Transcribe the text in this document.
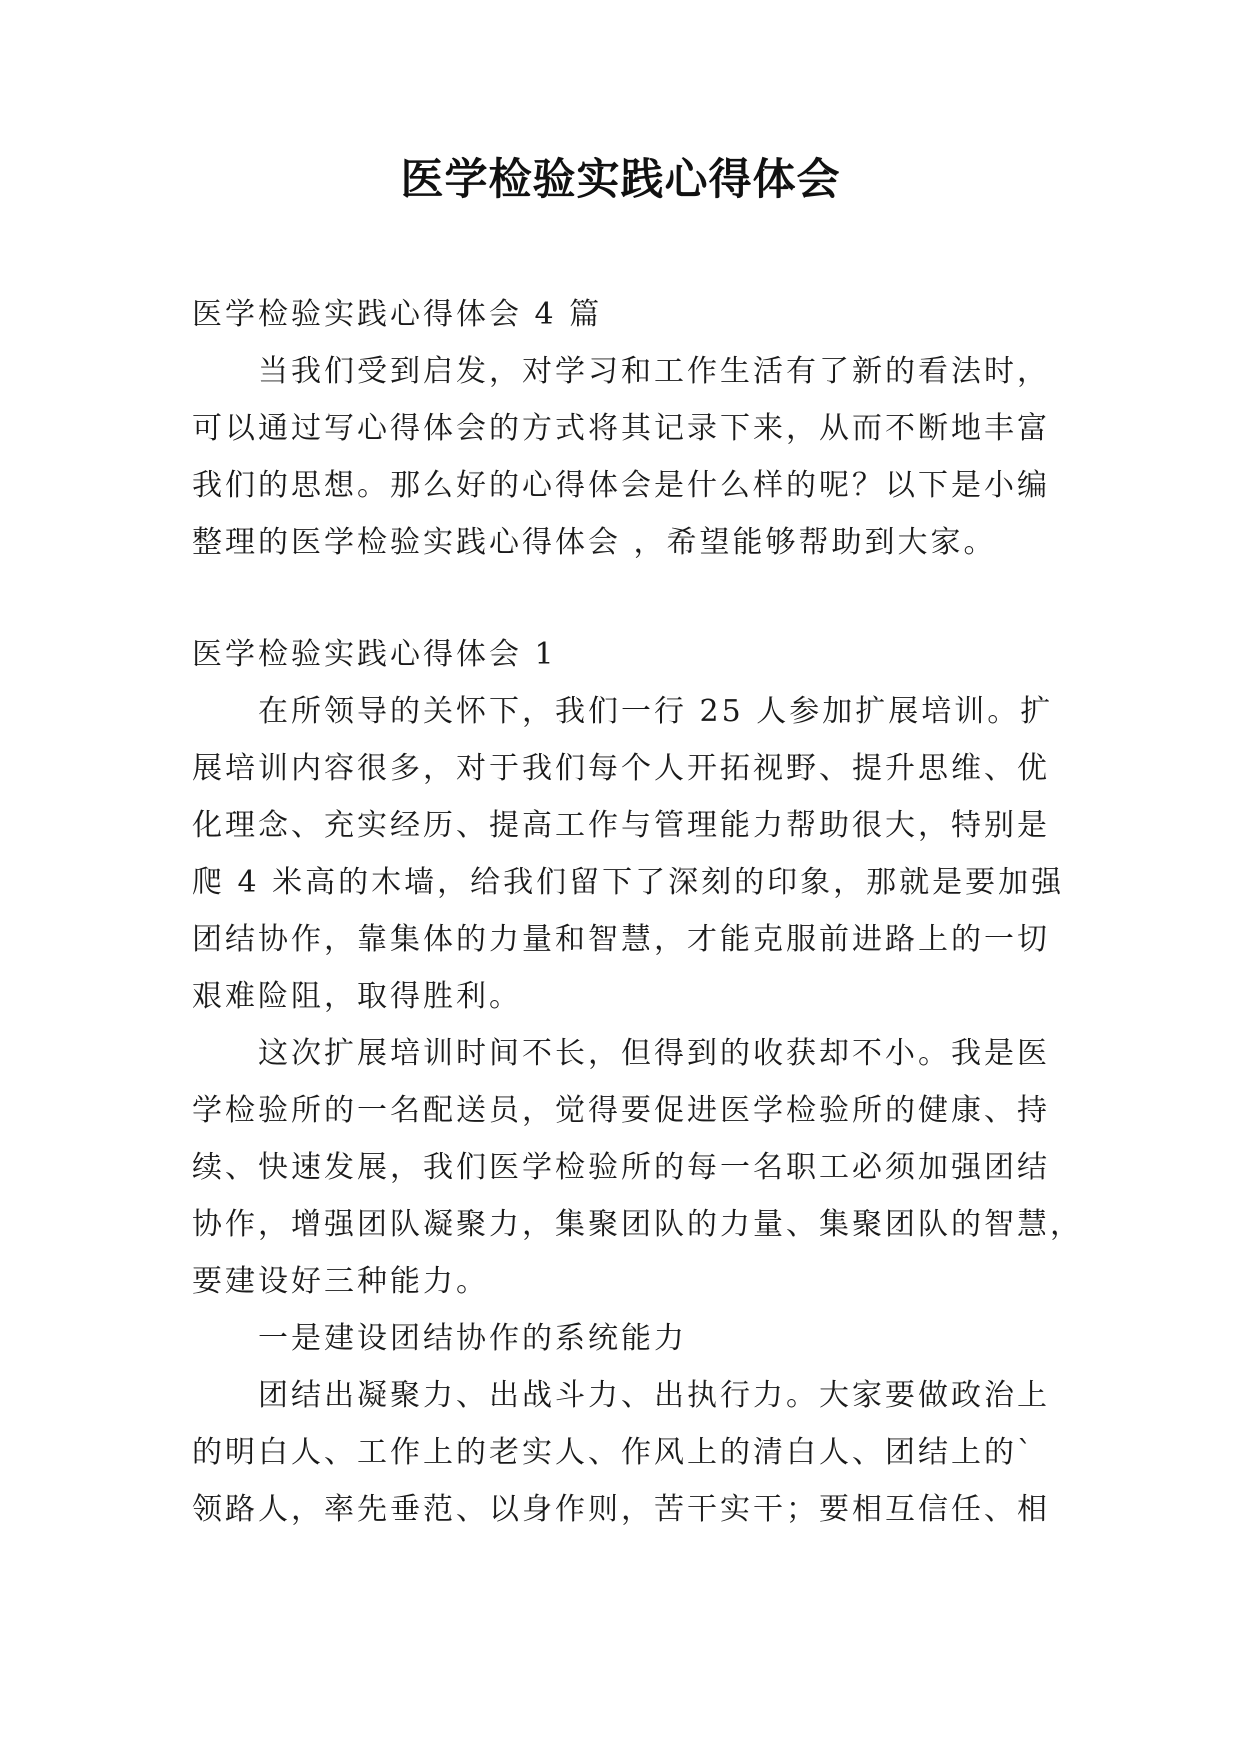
医学检验实践心得体会
医学检验实践心得体会 4 篇
当我们受到启发，对学习和工作生活有了新的看法时，
可以通过写心得体会的方式将其记录下来，从而不断地丰富
我们的思想。那么好的心得体会是什么样的呢？以下是小编
整理的医学检验实践心得体会 ，希望能够帮助到大家。
医学检验实践心得体会 1
在所领导的关怀下，我们一行 25 人参加扩展培训。扩
展培训内容很多，对于我们每个人开拓视野、提升思维、优
化理念、充实经历、提高工作与管理能力帮助很大，特别是
爬 4 米高的木墙，给我们留下了深刻的印象，那就是要加强
团结协作，靠集体的力量和智慧，才能克服前进路上的一切
艰难险阻，取得胜利。
这次扩展培训时间不长，但得到的收获却不小。我是医
学检验所的一名配送员，觉得要促进医学检验所的健康、持
续、快速发展，我们医学检验所的每一名职工必须加强团结
协作，增强团队凝聚力，集聚团队的力量、集聚团队的智慧，
要建设好三种能力。
一是建设团结协作的系统能力
团结出凝聚力、出战斗力、出执行力。大家要做政治上
的明白人、工作上的老实人、作风上的清白人、团结上的`
领路人，率先垂范、以身作则，苦干实干；要相互信任、相
